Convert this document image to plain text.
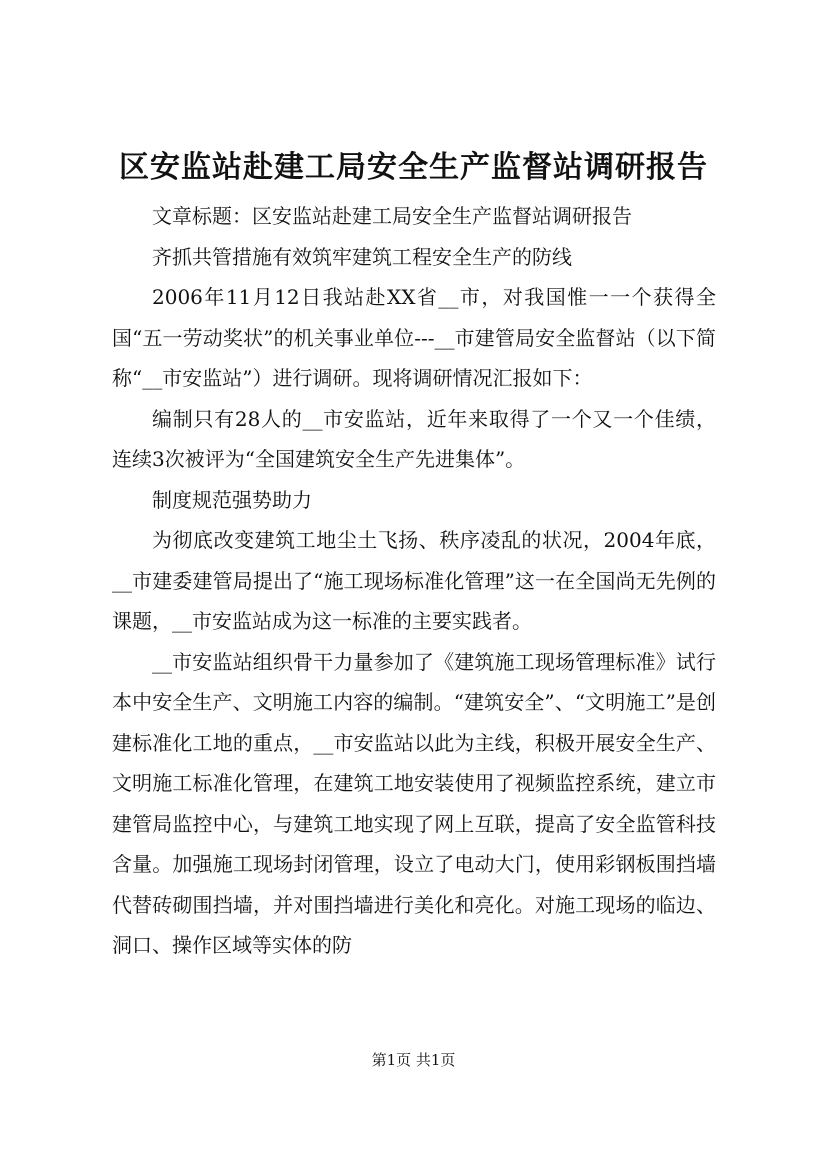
区安监站赴建工局安全生产监督站调研报告

文章标题：区安监站赴建工局安全生产监督站调研报告

齐抓共管措施有效筑牢建筑工程安全生产的防线

2006年11月12日我站赴XX省__市，对我国惟一一个获得全国“五一劳动奖状”的机关事业单位---__市建管局安全监督站（以下简称“__市安监站”）进行调研。现将调研情况汇报如下：

编制只有28人的__市安监站，近年来取得了一个又一个佳绩，连续3次被评为“全国建筑安全生产先进集体”。

制度规范强势助力

为彻底改变建筑工地尘土飞扬、秩序凌乱的状况，2004年底，__市建委建管局提出了“施工现场标准化管理”这一在全国尚无先例的课题，__市安监站成为这一标准的主要实践者。

__市安监站组织骨干力量参加了《建筑施工现场管理标准》试行本中安全生产、文明施工内容的编制。“建筑安全”、“文明施工”是创建标准化工地的重点，__市安监站以此为主线，积极开展安全生产、文明施工标准化管理，在建筑工地安装使用了视频监控系统，建立市建管局监控中心，与建筑工地实现了网上互联，提高了安全监管科技含量。加强施工现场封闭管理，设立了电动大门，使用彩钢板围挡墙代替砖砌围挡墙，并对围挡墙进行美化和亮化。对施工现场的临边、洞口、操作区域等实体的防

第1页 共1页
